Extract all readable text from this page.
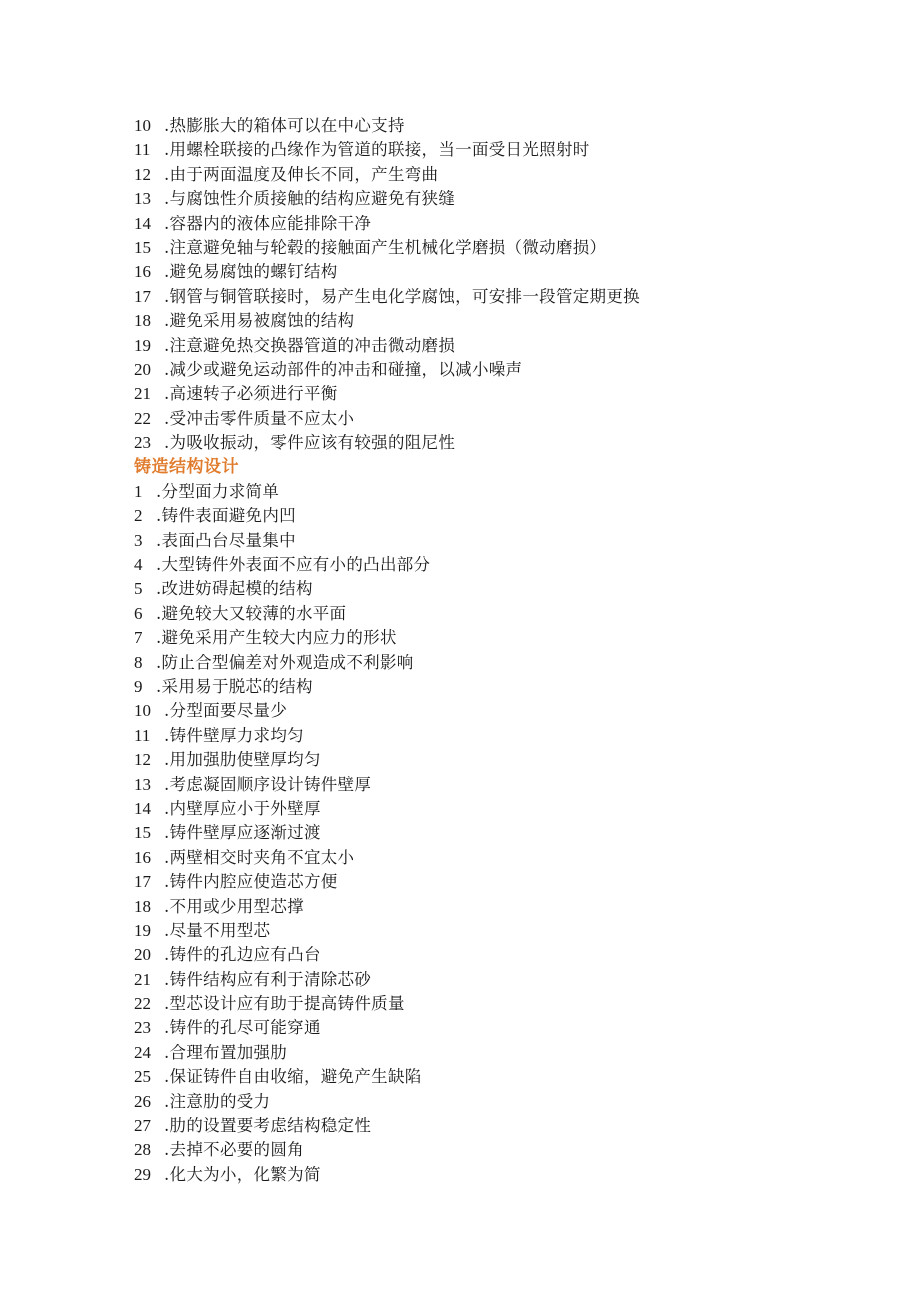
10 .热膨胀大的箱体可以在中心支持
11 .用螺栓联接的凸缘作为管道的联接，当一面受日光照射时
12 .由于两面温度及伸长不同，产生弯曲
13 .与腐蚀性介质接触的结构应避免有狭缝
14 .容器内的液体应能排除干净
15 .注意避免轴与轮毂的接触面产生机械化学磨损（微动磨损）
16 .避免易腐蚀的螺钉结构
17 .钢管与铜管联接时，易产生电化学腐蚀，可安排一段管定期更换
18 .避免采用易被腐蚀的结构
19 .注意避免热交换器管道的冲击微动磨损
20 .减少或避免运动部件的冲击和碰撞，以减小噪声
21 .高速转子必须进行平衡
22 .受冲击零件质量不应太小
23 .为吸收振动，零件应该有较强的阻尼性
铸造结构设计
1 .分型面力求简单
2 .铸件表面避免内凹
3 .表面凸台尽量集中
4 .大型铸件外表面不应有小的凸出部分
5 .改进妨碍起模的结构
6 .避免较大又较薄的水平面
7 .避免采用产生较大内应力的形状
8 .防止合型偏差对外观造成不利影响
9 .采用易于脱芯的结构
10 .分型面要尽量少
11 .铸件壁厚力求均匀
12 .用加强肋使壁厚均匀
13 .考虑凝固顺序设计铸件壁厚
14 .内壁厚应小于外壁厚
15 .铸件壁厚应逐渐过渡
16 .两壁相交时夹角不宜太小
17 .铸件内腔应使造芯方便
18 .不用或少用型芯撑
19 .尽量不用型芯
20 .铸件的孔边应有凸台
21 .铸件结构应有利于清除芯砂
22 .型芯设计应有助于提高铸件质量
23 .铸件的孔尽可能穿通
24 .合理布置加强肋
25 .保证铸件自由收缩，避免产生缺陷
26 .注意肋的受力
27 .肋的设置要考虑结构稳定性
28 .去掉不必要的圆角
29 .化大为小，化繁为简
